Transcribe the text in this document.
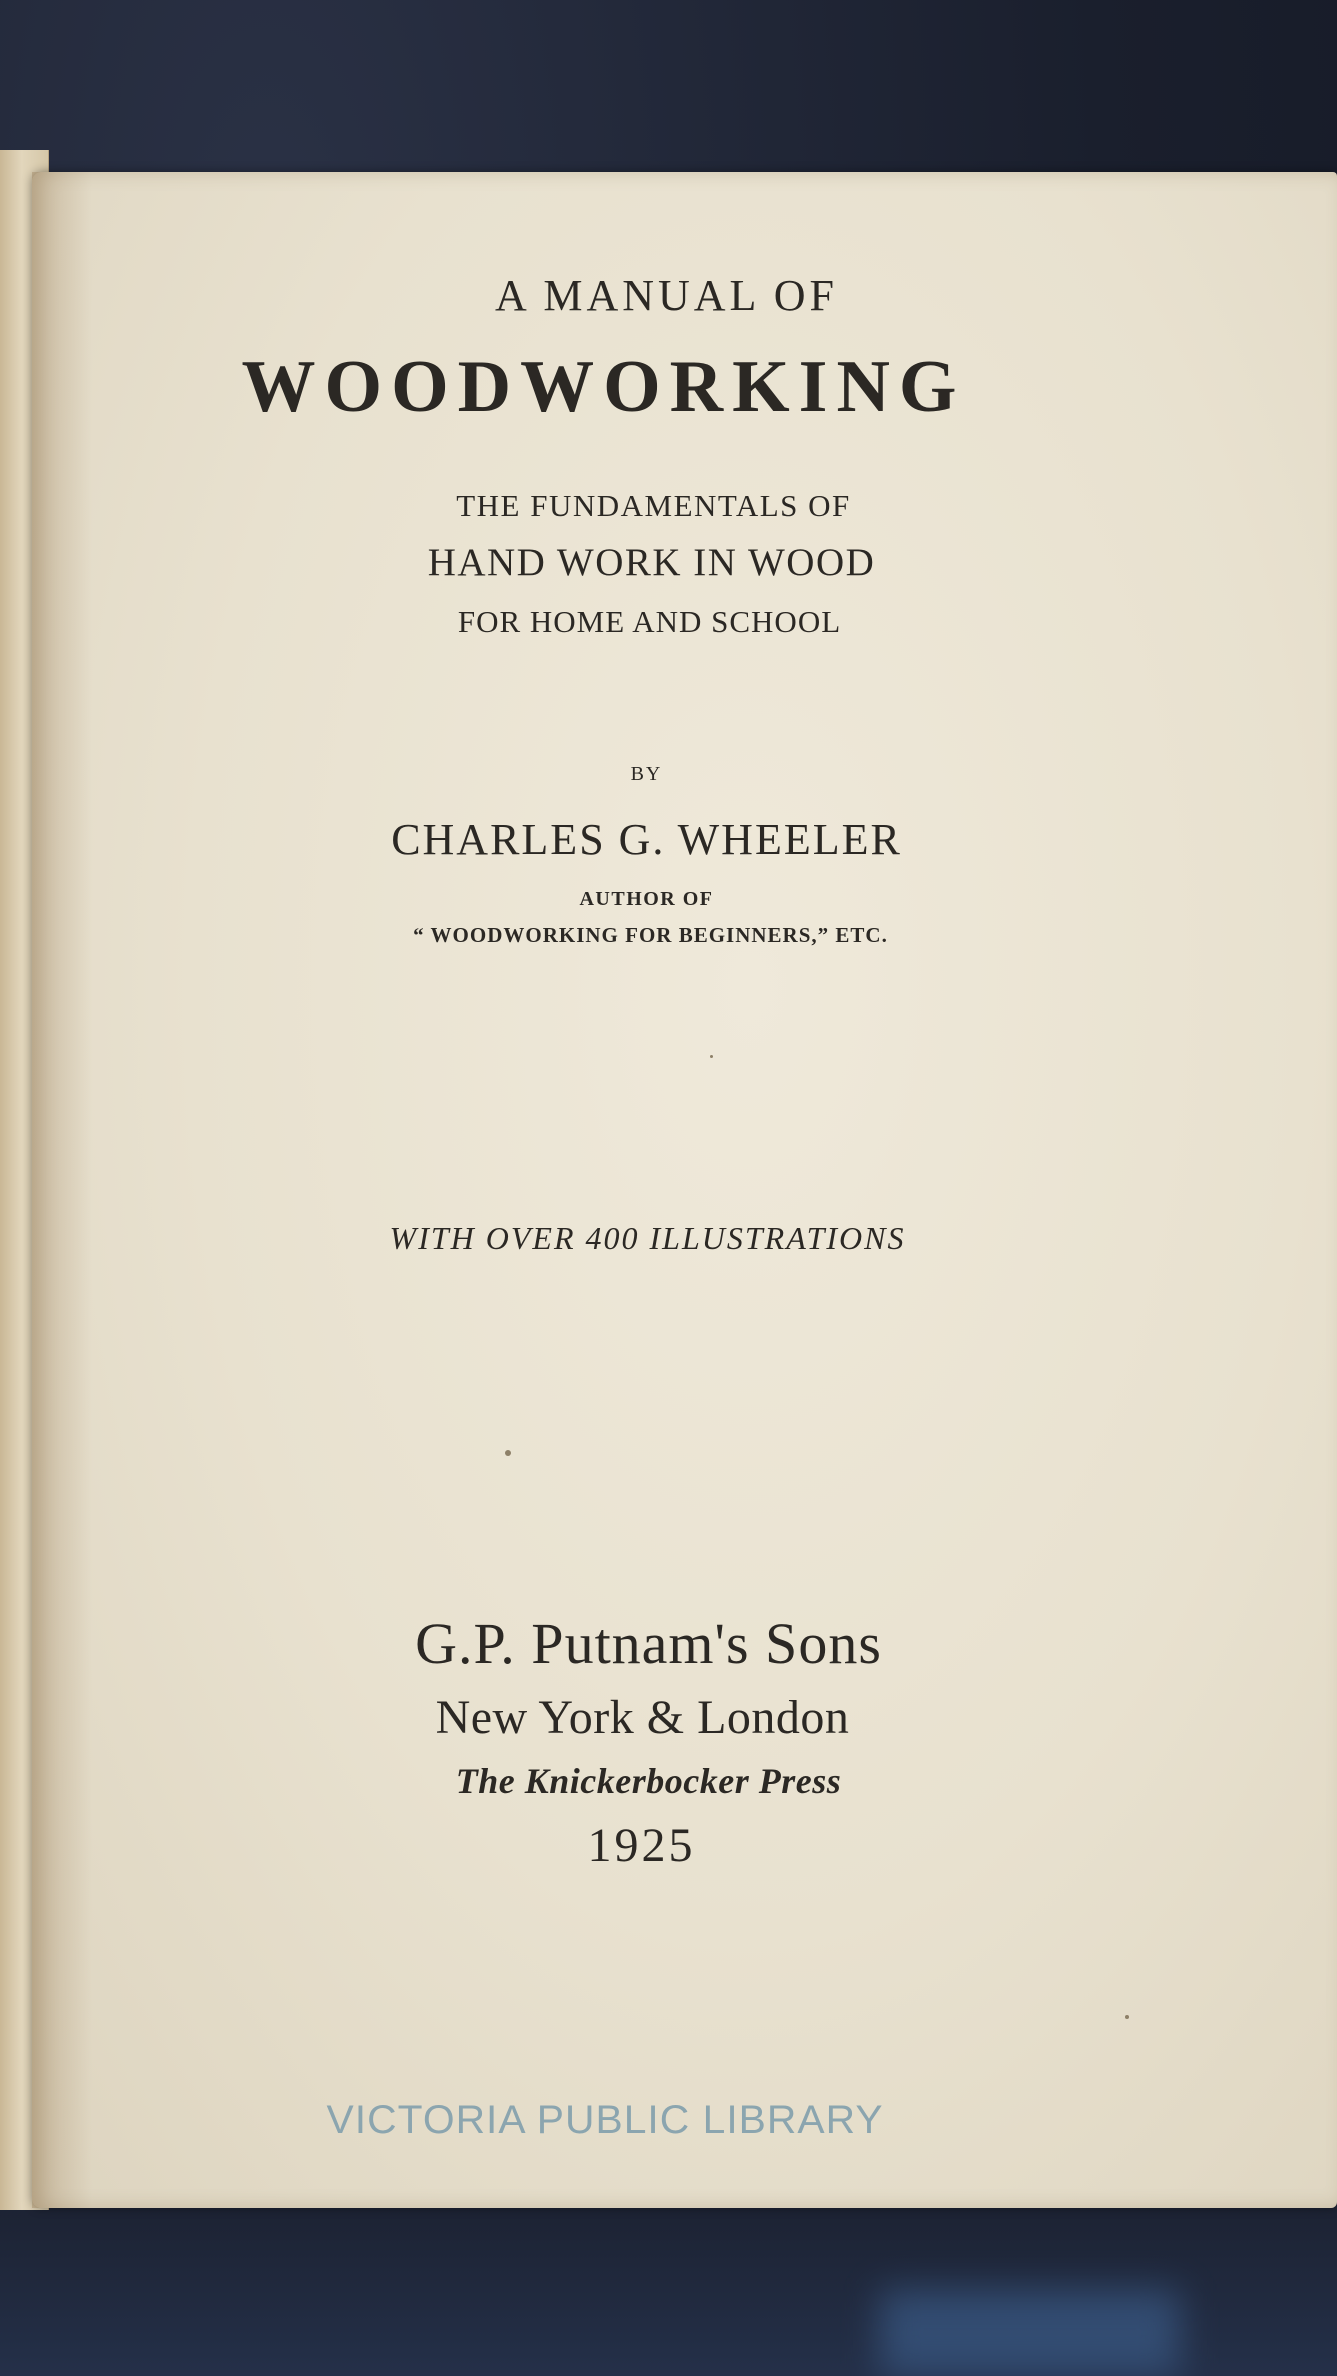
A MANUAL OF
WOODWORKING
THE FUNDAMENTALS OF
HAND WORK IN WOOD
FOR HOME AND SCHOOL
BY
CHARLES G. WHEELER
AUTHOR OF
“ WOODWORKING FOR BEGINNERS,” ETC.
WITH OVER 400 ILLUSTRATIONS
G.P. Putnam's Sons
New York & London
The Knickerbocker Press
1925
VICTORIA PUBLIC LIBRARY
